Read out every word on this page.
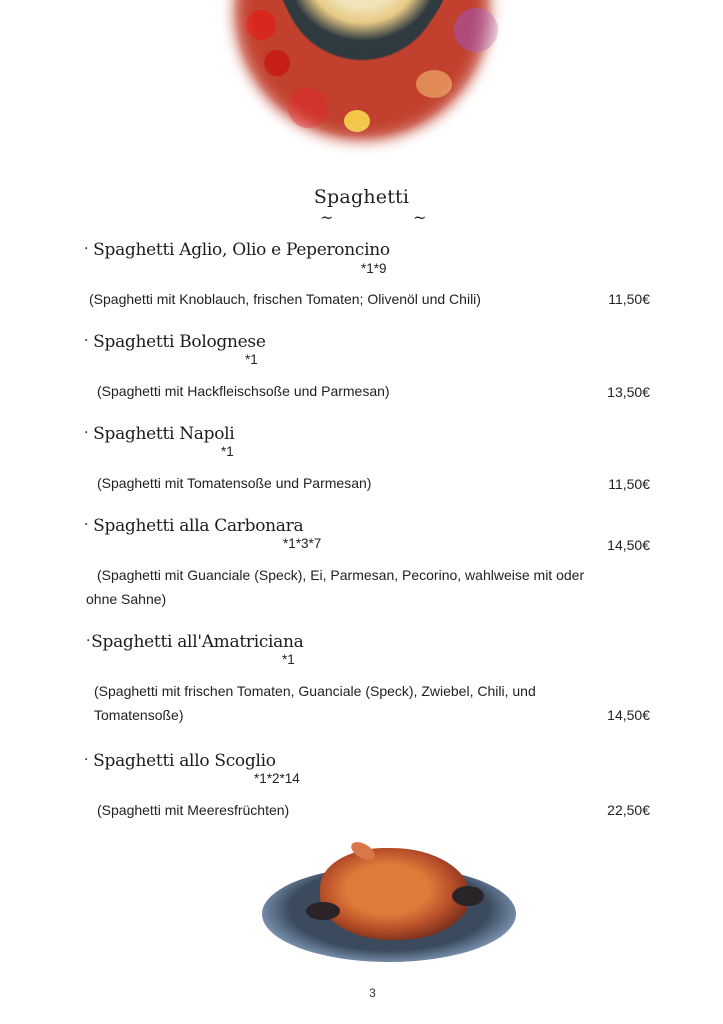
Spaghetti
~	~
· Spaghetti Aglio, Olio e Peperoncino
*1*9
(Spaghetti mit Knoblauch, frischen Tomaten; Olivenöl und Chili)	11,50€
· Spaghetti Bolognese
*1
(Spaghetti mit Hackfleischsoße und Parmesan)	13,50€
· Spaghetti Napoli
*1
(Spaghetti mit Tomatensoße und Parmesan)	11,50€
· Spaghetti alla Carbonara
*1*3*7	14,50€
(Spaghetti mit Guanciale (Speck), Ei, Parmesan, Pecorino, wahlweise mit oder
ohne Sahne)
·Spaghetti all'Amatriciana
*1
(Spaghetti mit frischen Tomaten, Guanciale (Speck), Zwiebel, Chili, und
Tomatensoße)	14,50€
· Spaghetti allo Scoglio
*1*2*14
(Spaghetti mit Meeresfrüchten)	22,50€
3
